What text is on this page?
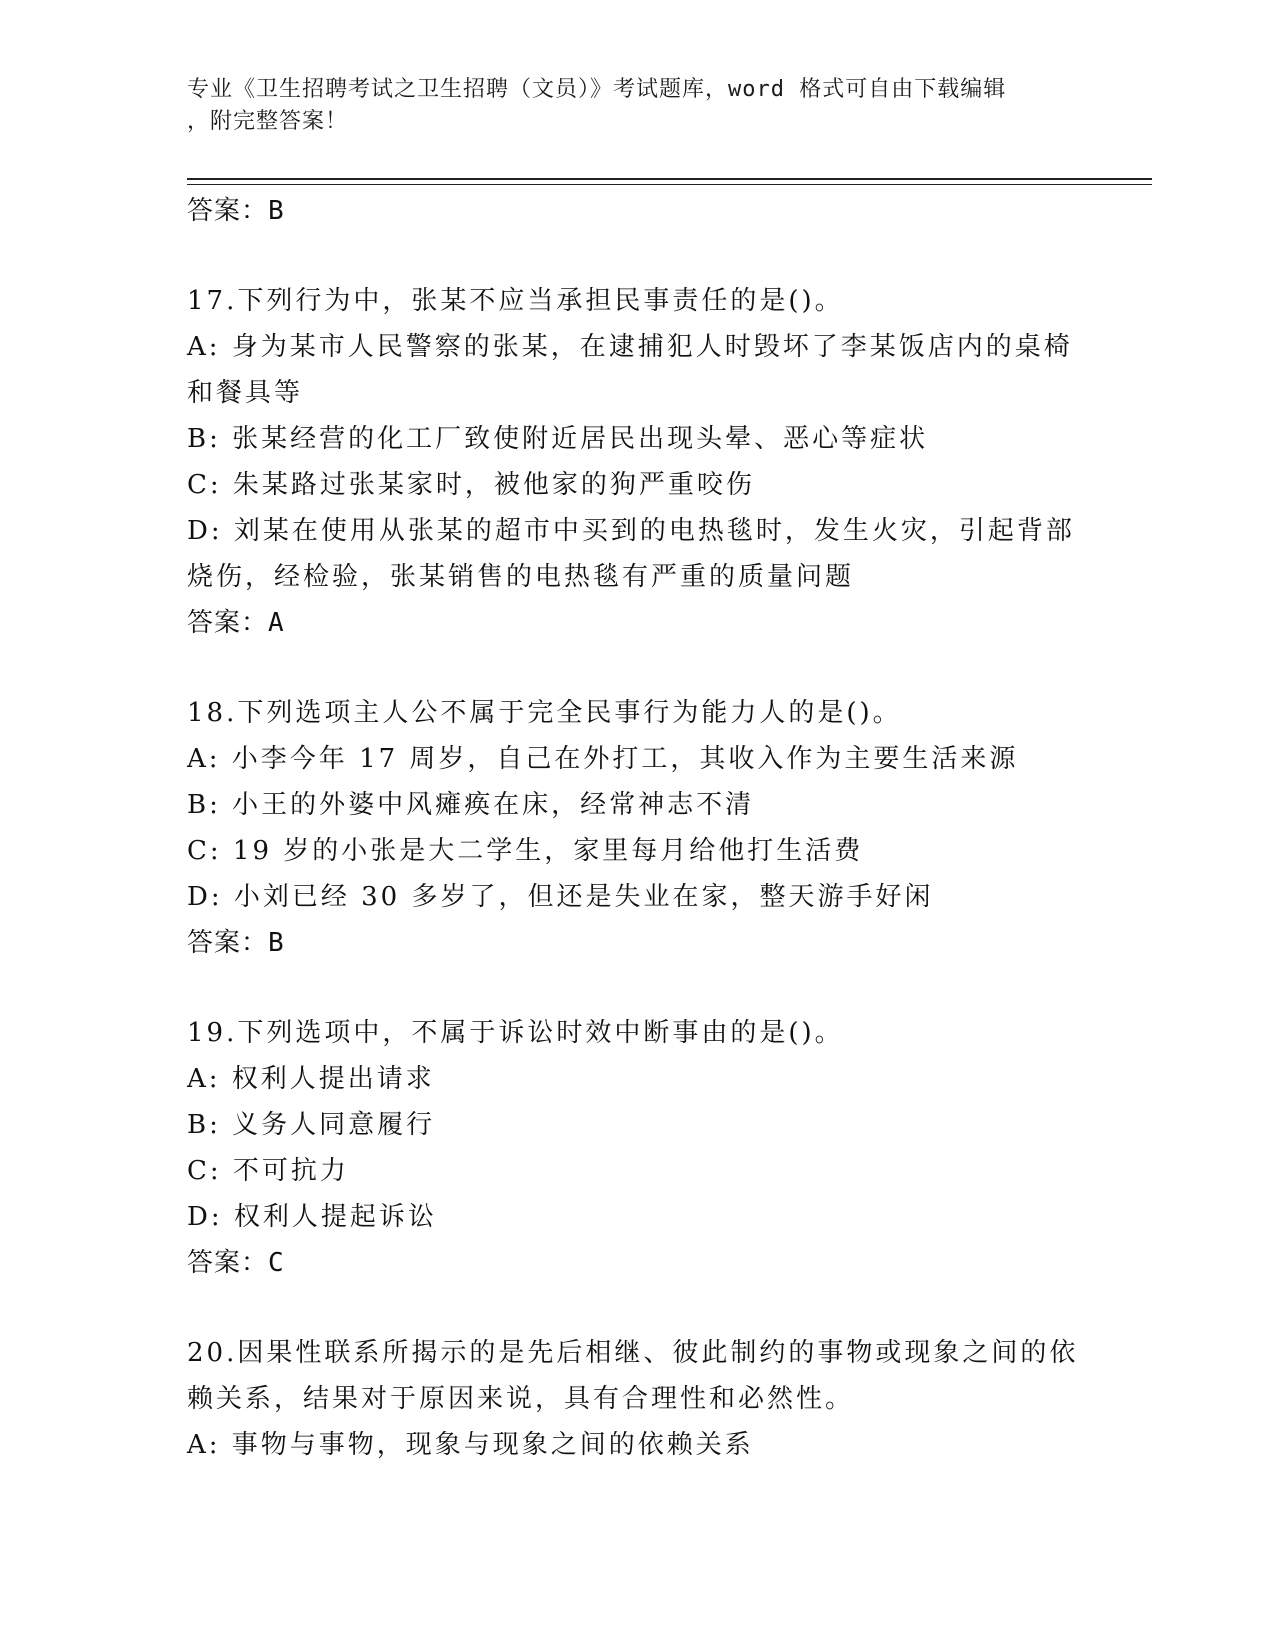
专业《卫生招聘考试之卫生招聘（文员）》考试题库，word 格式可自由下载编辑
，附完整答案！
答案：B
17.下列行为中，张某不应当承担民事责任的是()。
A: 身为某市人民警察的张某，在逮捕犯人时毁坏了李某饭店内的桌椅
和餐具等
B: 张某经营的化工厂致使附近居民出现头晕、恶心等症状
C: 朱某路过张某家时，被他家的狗严重咬伤
D: 刘某在使用从张某的超市中买到的电热毯时，发生火灾，引起背部
烧伤，经检验，张某销售的电热毯有严重的质量问题
答案：A
18.下列选项主人公不属于完全民事行为能力人的是()。
A: 小李今年 17 周岁，自己在外打工，其收入作为主要生活来源
B: 小王的外婆中风瘫痪在床，经常神志不清
C: 19 岁的小张是大二学生，家里每月给他打生活费
D: 小刘已经 30 多岁了，但还是失业在家，整天游手好闲
答案：B
19.下列选项中，不属于诉讼时效中断事由的是()。
A: 权利人提出请求
B: 义务人同意履行
C: 不可抗力
D: 权利人提起诉讼
答案：C
20.因果性联系所揭示的是先后相继、彼此制约的事物或现象之间的依
赖关系，结果对于原因来说，具有合理性和必然性。
A: 事物与事物，现象与现象之间的依赖关系
